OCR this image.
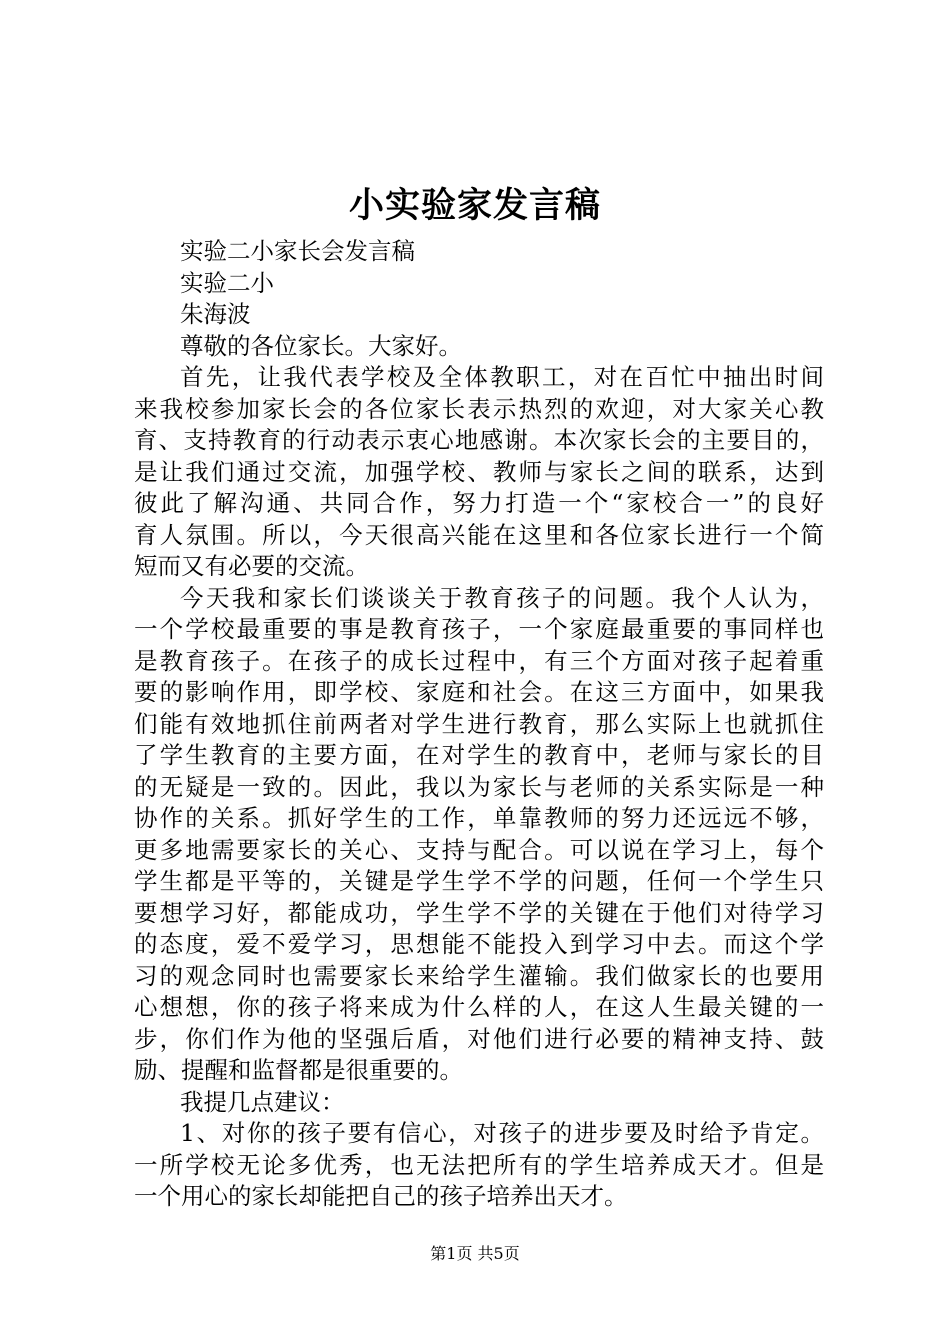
小实验家发言稿
实验二小家长会发言稿
实验二小
朱海波
尊敬的各位家长。大家好。
首先，让我代表学校及全体教职工，对在百忙中抽出时间
来我校参加家长会的各位家长表示热烈的欢迎，对大家关心教
育、支持教育的行动表示衷心地感谢。本次家长会的主要目的，
是让我们通过交流，加强学校、教师与家长之间的联系，达到
彼此了解沟通、共同合作，努力打造一个“家校合一”的良好
育人氛围。所以，今天很高兴能在这里和各位家长进行一个简
短而又有必要的交流。
今天我和家长们谈谈关于教育孩子的问题。我个人认为，
一个学校最重要的事是教育孩子，一个家庭最重要的事同样也
是教育孩子。在孩子的成长过程中，有三个方面对孩子起着重
要的影响作用，即学校、家庭和社会。在这三方面中，如果我
们能有效地抓住前两者对学生进行教育，那么实际上也就抓住
了学生教育的主要方面，在对学生的教育中，老师与家长的目
的无疑是一致的。因此，我以为家长与老师的关系实际是一种
协作的关系。抓好学生的工作，单靠教师的努力还远远不够，
更多地需要家长的关心、支持与配合。可以说在学习上，每个
学生都是平等的，关键是学生学不学的问题，任何一个学生只
要想学习好，都能成功，学生学不学的关键在于他们对待学习
的态度，爱不爱学习，思想能不能投入到学习中去。而这个学
习的观念同时也需要家长来给学生灌输。我们做家长的也要用
心想想，你的孩子将来成为什么样的人，在这人生最关键的一
步，你们作为他的坚强后盾，对他们进行必要的精神支持、鼓
励、提醒和监督都是很重要的。
我提几点建议：
1、对你的孩子要有信心，对孩子的进步要及时给予肯定。
一所学校无论多优秀，也无法把所有的学生培养成天才。但是
一个用心的家长却能把自己的孩子培养出天才。
第1页 共5页
